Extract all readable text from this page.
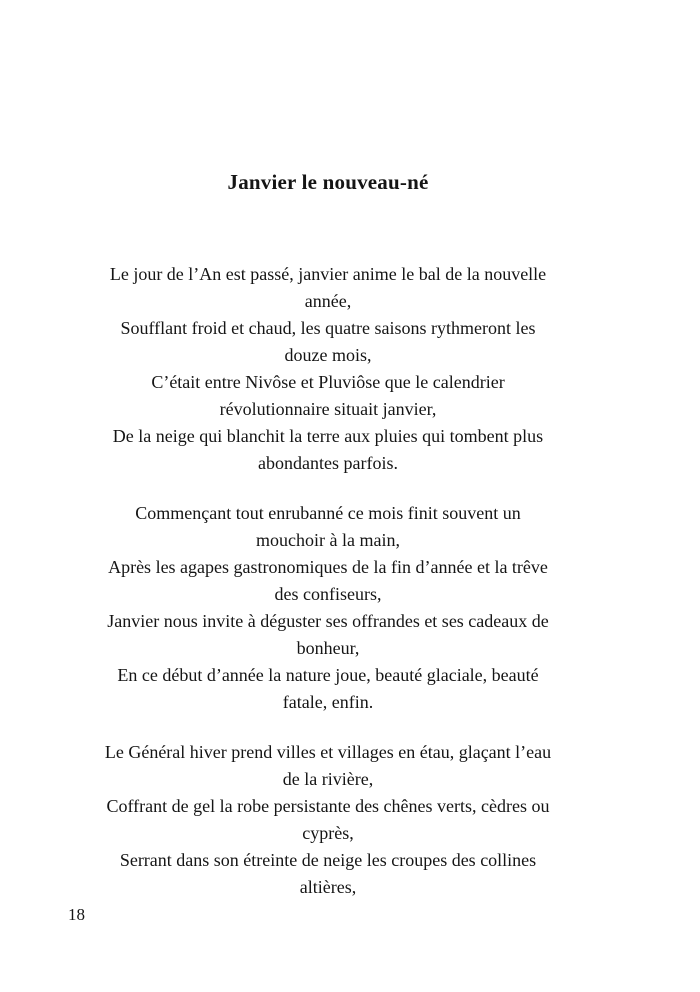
Janvier le nouveau-né
Le jour de l’An est passé, janvier anime le bal de la nouvelle
année,
Soufflant froid et chaud, les quatre saisons rythmeront les
douze mois,
C’était entre Nivôse et Pluviôse que le calendrier
révolutionnaire situait janvier,
De la neige qui blanchit la terre aux pluies qui tombent plus
abondantes parfois.
Commençant tout enrubanné ce mois finit souvent un
mouchoir à la main,
Après les agapes gastronomiques de la fin d’année et la trêve
des confiseurs,
Janvier nous invite à déguster ses offrandes et ses cadeaux de
bonheur,
En ce début d’année la nature joue, beauté glaciale, beauté
fatale, enfin.
Le Général hiver prend villes et villages en étau, glaçant l’eau
de la rivière,
Coffrant de gel la robe persistante des chênes verts, cèdres ou
cyprès,
Serrant dans son étreinte de neige les croupes des collines
altières,
18
